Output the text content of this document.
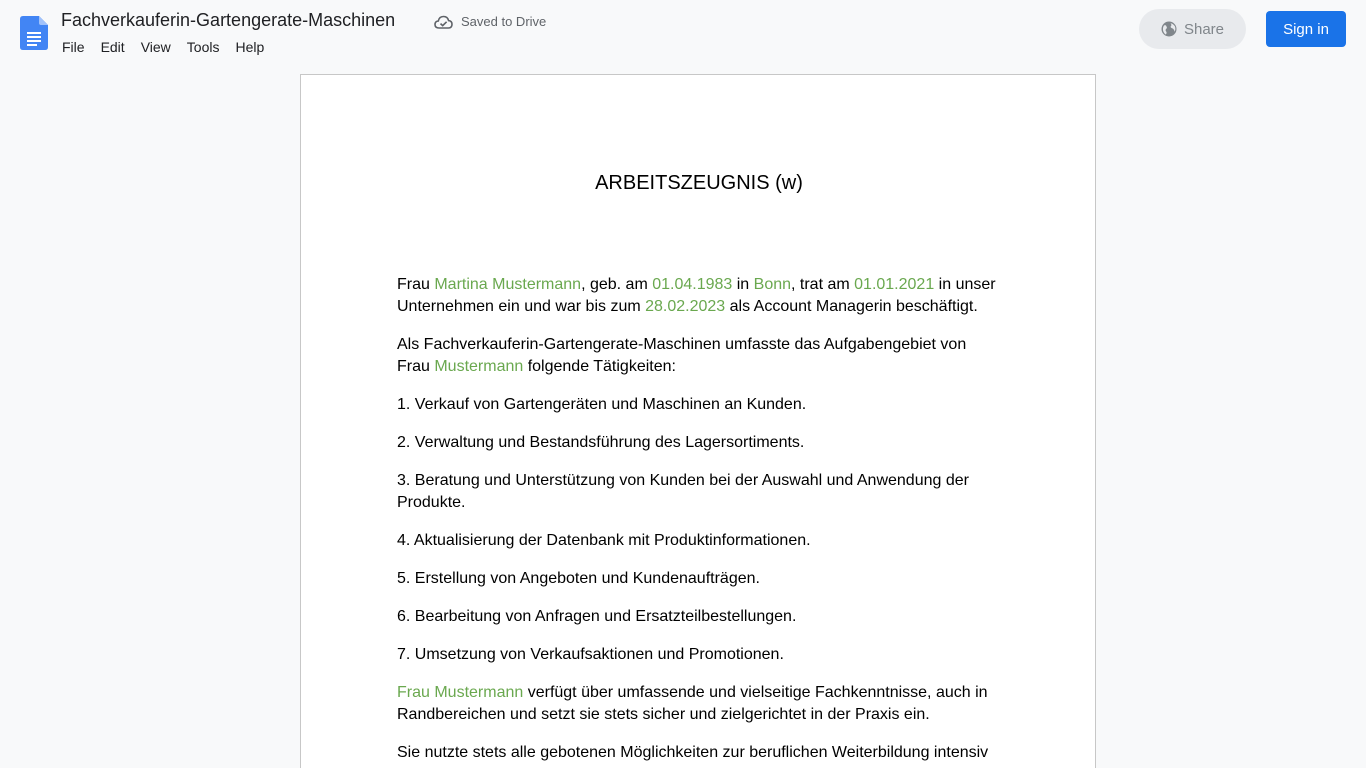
Fachverkauferin-Gartengerate-Maschinen	Saved to Drive
File	Edit	View	Tools	Help
Share	Sign in
ARBEITSZEUGNIS (w)

Frau Martina Mustermann, geb. am 01.04.1983 in Bonn, trat am 01.01.2021 in unser Unternehmen ein und war bis zum 28.02.2023 als Account Managerin beschäftigt.

Als Fachverkauferin-Gartengerate-Maschinen umfasste das Aufgabengebiet von Frau Mustermann folgende Tätigkeiten:

1. Verkauf von Gartengeräten und Maschinen an Kunden.

2. Verwaltung und Bestandsführung des Lagersortiments.

3. Beratung und Unterstützung von Kunden bei der Auswahl und Anwendung der Produkte.

4. Aktualisierung der Datenbank mit Produktinformationen.

5. Erstellung von Angeboten und Kundenaufträgen.

6. Bearbeitung von Anfragen und Ersatzteilbestellungen.

7. Umsetzung von Verkaufsaktionen und Promotionen.

Frau Mustermann verfügt über umfassende und vielseitige Fachkenntnisse, auch in Randbereichen und setzt sie stets sicher und zielgerichtet in der Praxis ein.

Sie nutzte stets alle gebotenen Möglichkeiten zur beruflichen Weiterbildung intensiv
